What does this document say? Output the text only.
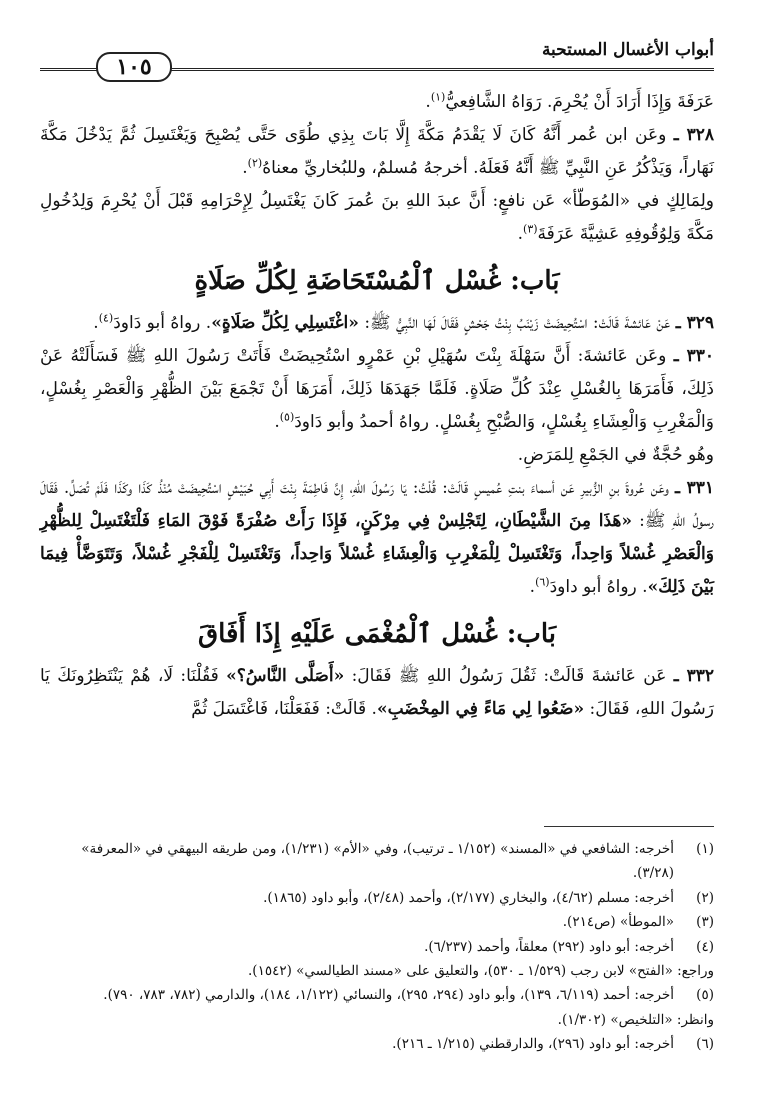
أبواب الأغسال المستحبة
١٠٥

عَرَفَةَ وَإِذَا أَرَادَ أَنْ يُحْرِمَ. رَوَاهُ الشَّافِعيُّ$^{(١)}$.

٣٢٨ ـ وعَن ابن عُمر أَنَّهُ كَانَ لَا يَقْدَمُ مَكَّةَ إِلَّا بَاتَ بِذِي طُوًى حَتَّى يُصْبِحَ وَيَغْتَسِلَ ثُمَّ يَدْخُلَ مَكَّةَ نَهَاراً، وَيَذْكُرُ عَنِ النَّبِيِّ ﷺ أَنَّهُ فَعَلَهُ. أخرجهُ مُسلمٌ، وللبُخاريِّ معناهُ$^{(٢)}$.

ولِمَالِكٍ في «المُوَطّأ» عَن نافعٍ: أَنَّ عبدَ اللهِ بنَ عُمرَ كَانَ يَغْتَسِلُ لِإِحْرَامِهِ قَبْلَ أَنْ يُحْرِمَ وَلِدُخُولِ مَكَّةَ وَلِوُقُوفِهِ عَشِيَّةَ عَرَفَةَ$^{(٣)}$.

بَاب: غُسْل ٱلْمُسْتَحَاضَةِ لِكُلِّ صَلَاةٍ

٣٢٩ ـ عَنْ عَائشةَ قَالَتْ: اسْتُحِيضَتْ زَيْنَبُ بِنْتُ جَحْشٍ فَقَالَ لَهَا النَّبِيُّ ﷺ: «اغْتَسِلِي لِكُلِّ صَلَاةٍ». رواهُ أبو دَاودَ$^{(٤)}$.

٣٣٠ ـ وعَن عَائشةَ: أَنَّ سَهْلَةَ بِنْتَ سُهَيْلِ بْنِ عَمْرٍو اسْتُحِيضَتْ فَأَتَتْ رَسُولَ اللهِ ﷺ فَسَأَلَتْهُ عَنْ ذَلِكَ، فَأَمَرَهَا بِالغُسْلِ عِنْدَ كُلِّ صَلَاةٍ. فَلَمَّا جَهَدَهَا ذَلِكَ، أَمَرَهَا أَنْ تَجْمَعَ بَيْنَ الظُّهْرِ وَالْعَصْرِ بِغُسْلٍ، وَالْمَغْرِبِ وَالْعِشَاءِ بِغُسْلٍ، وَالصُّبْحِ بِغُسْلٍ. رواهُ أحمدُ وأبو دَاودَ$^{(٥)}$.

وهُو حُجَّةٌ في الجَمْعِ لِلمَرَضِ.

٣٣١ ـ وعَن عُروةَ بنِ الزُّبيرِ عَن أسماءَ بنتِ عُميسٍ قَالَتْ: قُلْتُ: يَا رَسُولَ اللهِ، إِنَّ فَاطِمَةَ بِنْتَ أَبِي حُبَيْشٍ اسْتُحِيضَتْ مُنْذُ كَذَا وكَذَا فَلَمْ تُصَلِّ. فَقَالَ رسولُ اللهِ ﷺ: «هَذَا مِنَ الشَّيْطَانِ، لِتَجْلِسْ فِي مِرْكَنٍ، فَإِذَا رَأَتْ صُفْرَةً فَوْقَ المَاءِ فَلْتَغْتَسِلْ لِلظُّهْرِ وَالْعَصْرِ غُسْلاً وَاحِداً، وَتَغْتَسِلْ لِلْمَغْرِبِ وَالْعِشَاءِ غُسْلاً وَاحِداً، وَتَغْتَسِلْ لِلْفَجْرِ غُسْلاً، وَتَتَوَضَّأْ فِيمَا بَيْنَ ذَلِكَ». رواهُ أبو داودَ$^{(٦)}$.

بَاب: غُسْل ٱلْمُغْمَى عَلَيْهِ إِذَا أَفَاقَ

٣٣٢ ـ عَن عَائشةَ قَالَتْ: ثَقُلَ رَسُولُ اللهِ ﷺ فَقَالَ: «أَصَلَّى النَّاسُ؟» فَقُلْنَا: لَا، هُمْ يَنْتَظِرُونَكَ يَا رَسُولَ اللهِ، فَقَالَ: «ضَعُوا لِي مَاءً فِي المِخْضَبِ». قَالَتْ: فَفَعَلْنَا، فَاغْتَسَلَ ثُمَّ

(١)
أخرجه: الشافعي في «المسند» (١/١٥٢ ـ ترتيب)، وفي «الأم» (١/٢٣١)، ومن طريقه البيهقي في «المعرفة» (٣/٢٨).
(٢)
أخرجه: مسلم (٤/٦٢)، والبخاري (٢/١٧٧)، وأحمد (٢/٤٨)، وأبو داود (١٨٦٥).
(٣)
«الموطأ» (ص٢١٤).
(٤)
أخرجه: أبو داود (٢٩٢) معلقاً، وأحمد (٦/٢٣٧).
وراجع: «الفتح» لابن رجب (١/٥٢٩ ـ ٥٣٠)، والتعليق على «مسند الطيالسي» (١٥٤٢).
(٥)
أخرجه: أحمد (٦/١١٩، ١٣٩)، وأبو داود (٢٩٤، ٢٩٥)، والنسائي (١/١٢٢، ١٨٤)، والدارمي (٧٨٢، ٧٨٣، ٧٩٠).
وانظر: «التلخيص» (١/٣٠٢).
(٦)
أخرجه: أبو داود (٢٩٦)، والدارقطني (١/٢١٥ ـ ٢١٦).
